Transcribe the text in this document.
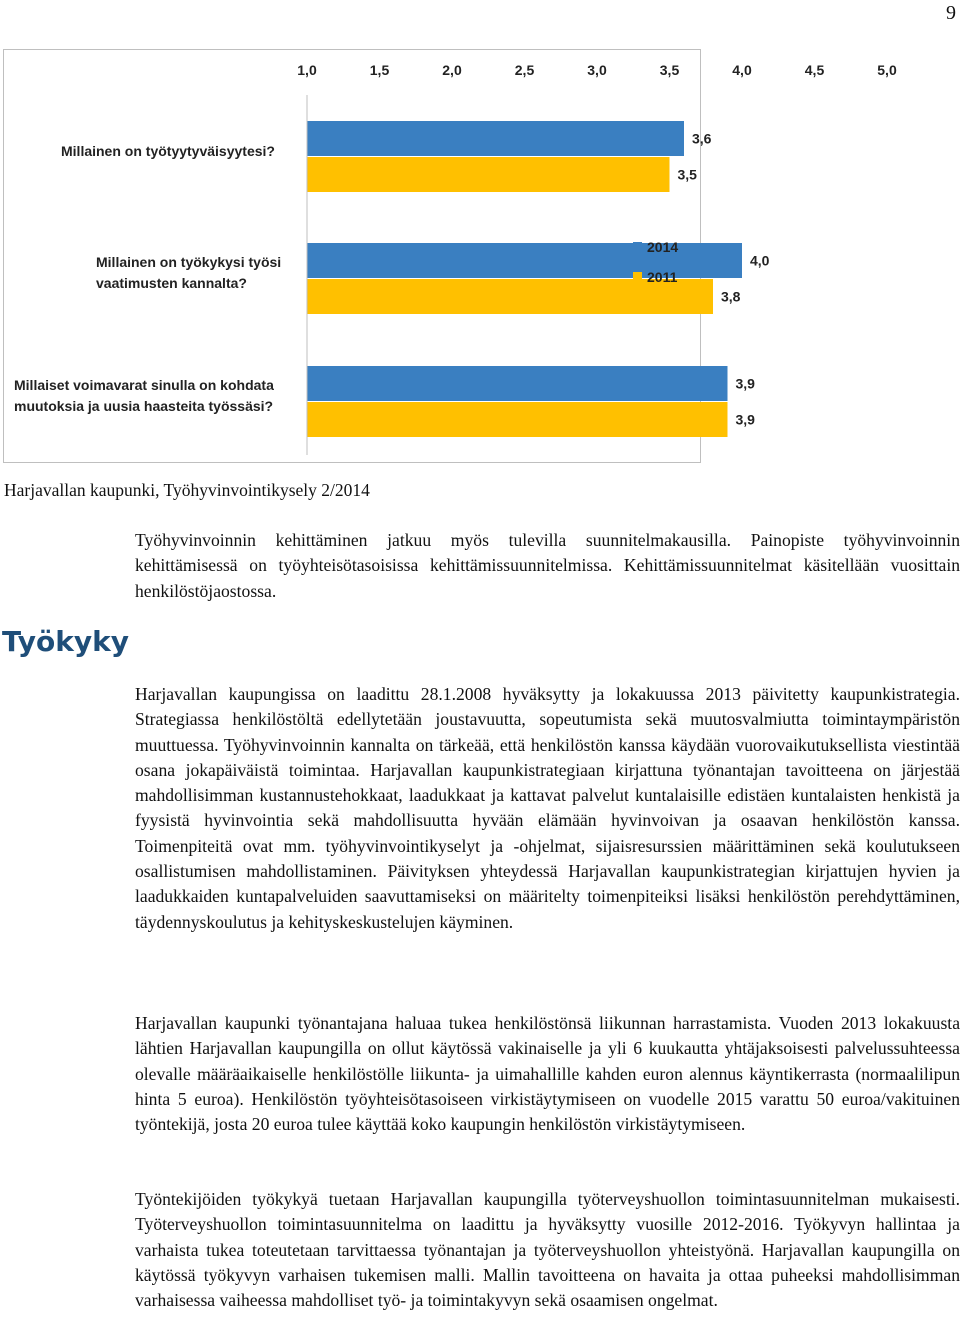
9
1,0	1,5	2,0	2,5	3,0	3,5	4,0	4,5	5,0
Millainen on työtyytyväisyytesi?
3,6
3,5
Millainen on työkykysi työsi
vaatimusten kannalta?
4,0
3,8
Millaiset voimavarat sinulla on kohdata
muutoksia ja uusia haasteita työssäsi?
3,9
3,9
2014
2011
Harjavallan kaupunki, Työhyvinvointikysely 2/2014
Työkyky

Työhyvinvoinnin kehittäminen jatkuu myös tulevilla suunnitelmakausilla. Painopiste työhyvinvoinnin kehittämisessä on työyhteisötasoisissa kehittämissuunnitelmissa. Kehittämissuunnitelmat käsitellään vuosittain henkilöstöjaostossa.

Harjavallan kaupungissa on laadittu 28.1.2008 hyväksytty ja lokakuussa 2013 päivitetty kaupunkistrategia. Strategiassa henkilöstöltä edellytetään joustavuutta, sopeutumista sekä muutosvalmiutta toimintaympäristön muuttuessa. Työhyvinvoinnin kannalta on tärkeää, että henkilöstön kanssa käydään vuorovaikutuksellista viestintää osana jokapäiväistä toimintaa. Harjavallan kaupunkistrategiaan kirjattuna työnantajan tavoitteena on järjestää mahdollisimman kustannustehokkaat, laadukkaat ja kattavat palvelut kuntalaisille edistäen kuntalaisten henkistä ja fyysistä hyvinvointia sekä mahdollisuutta hyvään elämään hyvinvoivan ja osaavan henkilöstön kanssa. Toimenpiteitä ovat mm. työhyvinvointikyselyt ja -ohjelmat, sijaisresurssien määrittäminen sekä koulutukseen osallistumisen mahdollistaminen. Päivityksen yhteydessä Harjavallan kaupunkistrategian kirjattujen hyvien ja laadukkaiden kuntapalveluiden saavuttamiseksi on määritelty toimenpiteiksi lisäksi henkilöstön perehdyttäminen, täydennyskoulutus ja kehityskeskustelujen käyminen.

Harjavallan kaupunki työnantajana haluaa tukea henkilöstönsä liikunnan harrastamista. Vuoden 2013 lokakuusta lähtien Harjavallan kaupungilla on ollut käytössä vakinaiselle ja yli 6 kuukautta yhtäjaksoisesti palvelussuhteessa olevalle määräaikaiselle henkilöstölle liikunta- ja uimahallille kahden euron alennus käyntikerrasta (normaalilipun hinta 5 euroa). Henkilöstön työyhteisötasoiseen virkistäytymiseen on vuodelle 2015 varattu 50 euroa/vakituinen työntekijä, josta 20 euroa tulee käyttää koko kaupungin henkilöstön virkistäytymiseen.

Työntekijöiden työkykyä tuetaan Harjavallan kaupungilla työterveyshuollon toimintasuunnitelman mukaisesti. Työterveyshuollon toimintasuunnitelma on laadittu ja hyväksytty vuosille 2012-2016. Työkyvyn hallintaa ja varhaista tukea toteutetaan tarvittaessa työnantajan ja työterveyshuollon yhteistyönä. Harjavallan kaupungilla on käytössä työkyvyn varhaisen tukemisen malli. Mallin tavoitteena on havaita ja ottaa puheeksi mahdollisimman varhaisessa vaiheessa mahdolliset työ- ja toimintakyvyn sekä osaamisen ongelmat.
